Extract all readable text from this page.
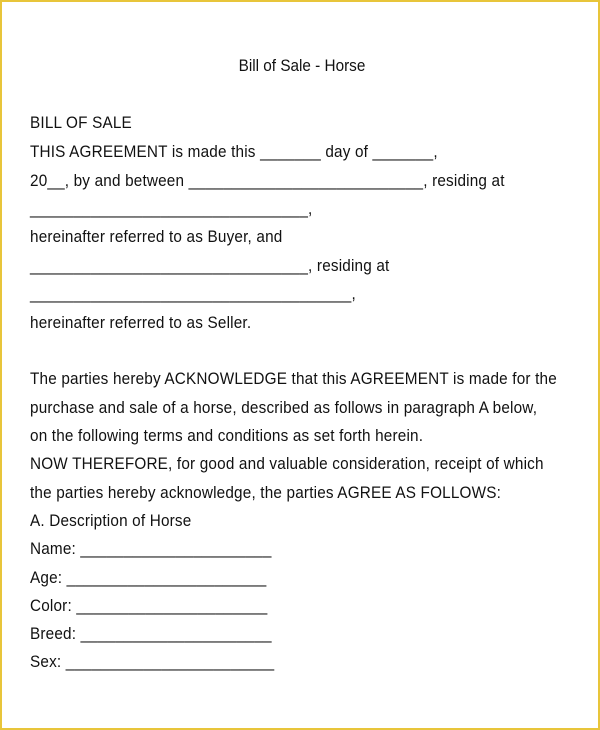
Bill of Sale - Horse
BILL OF SALE
THIS AGREEMENT is made this _______ day of _______,
20__, by and between ___________________________, residing at
________________________________,
hereinafter referred to as Buyer, and
________________________________, residing at
_____________________________________,
hereinafter referred to as Seller.
The parties hereby ACKNOWLEDGE that this AGREEMENT is made for the
purchase and sale of a horse, described as follows in paragraph A below,
on the following terms and conditions as set forth herein.
NOW THEREFORE, for good and valuable consideration, receipt of which
the parties hereby acknowledge, the parties AGREE AS FOLLOWS:
A. Description of Horse
Name: ______________________
Age: _______________________
Color: ______________________
Breed: ______________________
Sex: ________________________
